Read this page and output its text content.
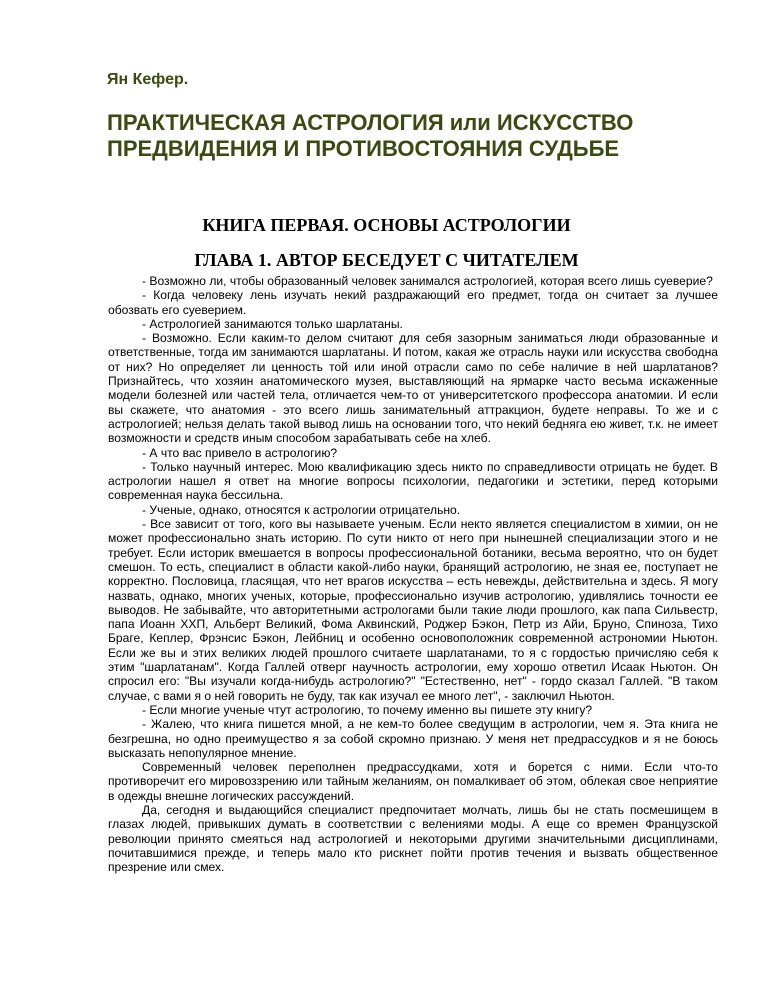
Ян Кефер.
ПРАКТИЧЕСКАЯ АСТРОЛОГИЯ или ИСКУССТВО ПРЕДВИДЕНИЯ И ПРОТИВОСТОЯНИЯ СУДЬБЕ
КНИГА ПЕРВАЯ. ОСНОВЫ АСТРОЛОГИИ
ГЛАВА 1. АВТОР БЕСЕДУЕТ С ЧИТАТЕЛЕМ

- Возможно ли, чтобы образованный человек занимался астрологией, которая всего лишь суеверие?

- Когда человеку лень изучать некий раздражающий его предмет, тогда он считает за лучшее обозвать его суеверием.

- Астрологией занимаются только шарлатаны.

- Возможно. Если каким-то делом считают для себя зазорным заниматься люди образованные и ответственные, тогда им занимаются шарлатаны. И потом, какая же отрасль науки или искусства свободна от них? Но определяет ли ценность той или иной отрасли само по себе наличие в ней шарлатанов? Признайтесь, что хозяин анатомического музея, выставляющий на ярмарке часто весьма искаженные модели болезней или частей тела, отличается чем-то от университетского профессора анатомии. И если вы скажете, что анатомия - это всего лишь занимательный аттракцион, будете неправы. То же и с астрологией; нельзя делать такой вывод лишь на основании того, что некий бедняга ею живет, т.к. не имеет возможности и средств иным способом зарабатывать себе на хлеб.

- А что вас привело в астрологию?

- Только научный интерес. Мою квалификацию здесь никто по справедливости отрицать не будет. В астрологии нашел я ответ на многие вопросы психологии, педагогики и эстетики, перед которыми современная наука бессильна.

- Ученые, однако, относятся к астрологии отрицательно.

- Все зависит от того, кого вы называете ученым. Если некто является специалистом в химии, он не может профессионально знать историю. По сути никто от него при нынешней специализации этого и не требует. Если историк вмешается в вопросы профессиональной ботаники, весьма вероятно, что он будет смешон. То есть, специалист в области какой-либо науки, бранящий астрологию, не зная ее, поступает не корректно. Пословица, гласящая, что нет врагов искусства – есть невежды, действительна и здесь. Я могу назвать, однако, многих ученых, которые, профессионально изучив астрологию, удивлялись точности ее выводов. Не забывайте, что авторитетными астрологами были такие люди прошлого, как папа Сильвестр, папа Иоанн ХХП, Альберт Великий, Фома Аквинский, Роджер Бэкон, Петр из Айи, Бруно, Спиноза, Тихо Браге, Кеплер, Фрэнсис Бэкон, Лейбниц и особенно основоположник современной астрономии Ньютон. Если же вы и этих великих людей прошлого считаете шарлатанами, то я с гордостью причисляю себя к этим "шарлатанам". Когда Галлей отверг научность астрологии, ему хорошо ответил Исаак Ньютон. Он спросил его: "Вы изучали когда-нибудь астрологию?" "Естественно, нет" - гордо сказал Галлей. "В таком случае, с вами я о ней говорить не буду, так как изучал ее много лет", - заключил Ньютон.

- Если многие ученые чтут астрологию, то почему именно вы пишете эту книгу?

- Жалею, что книга пишется мной, а не кем-то более сведущим в астрологии, чем я. Эта книга не безгрешна, но одно преимущество я за собой скромно признаю. У меня нет предрассудков и я не боюсь высказать непопулярное мнение.

Современный человек переполнен предрассудками, хотя и борется с ними. Если что-то противоречит его мировоззрению или тайным желаниям, он помалкивает об этом, облекая свое неприятие в одежды внешне логических рассуждений.

Да, сегодня и выдающийся специалист предпочитает молчать, лишь бы не стать посмешищем в глазах людей, привыкших думать в соответствии с велениями моды. А еще со времен Французской революции принято смеяться над астрологией и некоторыми другими значительными дисциплинами, почитавшимися прежде, и теперь мало кто рискнет пойти против течения и вызвать общественное презрение или смех.
